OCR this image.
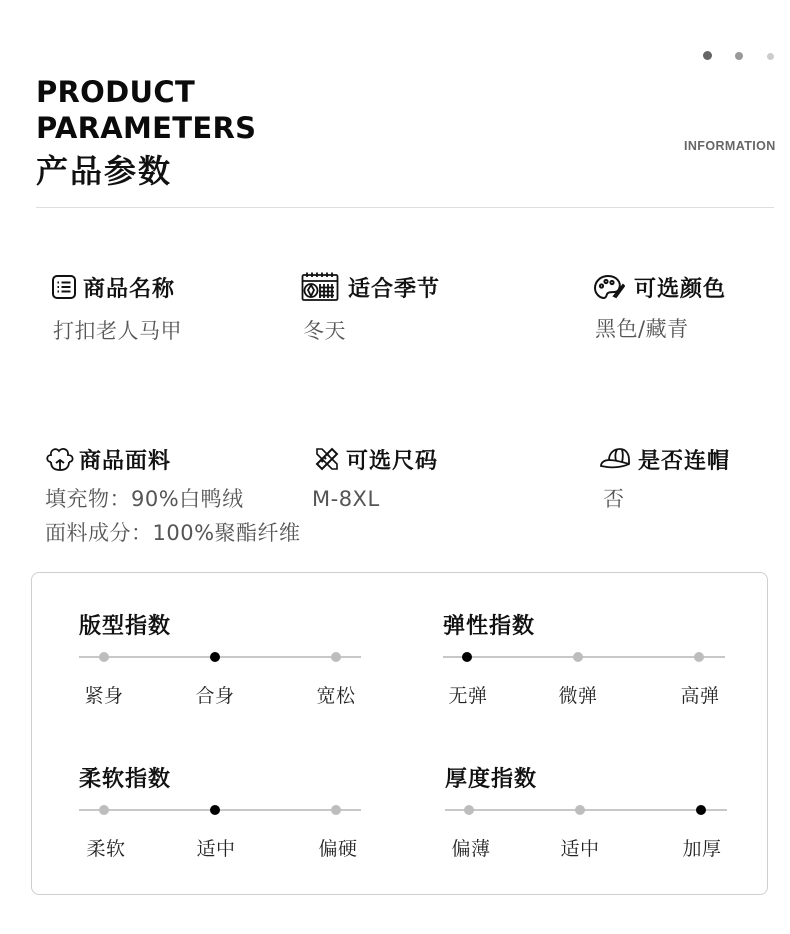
PRODUCT
PARAMETERS
产品参数
INFORMATION
商品名称
打扣老人马甲
适合季节
冬天
可选颜色
黑色/藏青
商品面料
填充物：90%白鸭绒
面料成分：100%聚酯纤维
可选尺码
M-8XL
是否连帽
否
版型指数
紧身	合身	宽松
弹性指数
无弹	微弹	高弹
柔软指数
柔软	适中	偏硬
厚度指数
偏薄	适中	加厚
